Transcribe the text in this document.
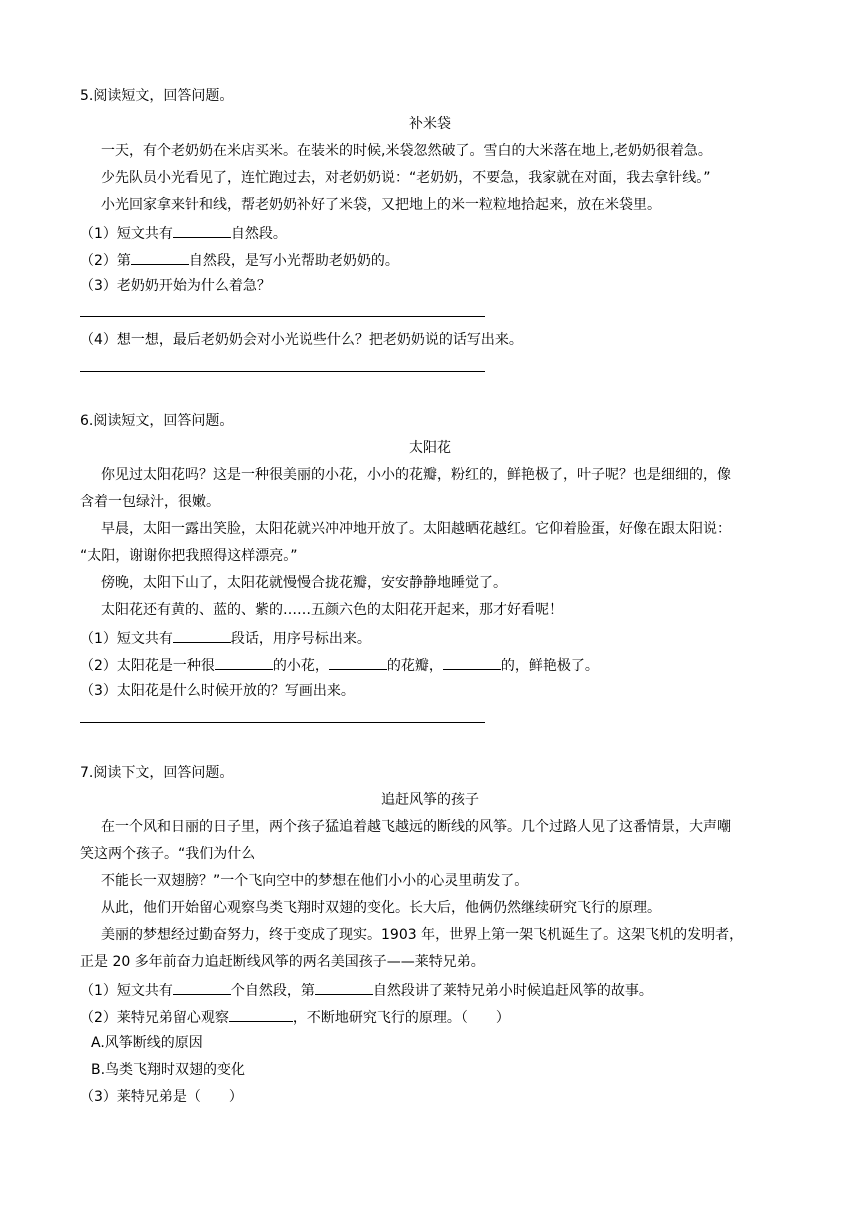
5.阅读短文，回答问题。
补米袋
一天，有个老奶奶在米店买米。在装米的时候,米袋忽然破了。雪白的大米落在地上,老奶奶很着急。
少先队员小光看见了，连忙跑过去，对老奶奶说：“老奶奶，不要急，我家就在对面，我去拿针线。”
小光回家拿来针和线，帮老奶奶补好了米袋，又把地上的米一粒粒地拾起来，放在米袋里。
（1）短文共有	自然段。
（2）第	自然段，是写小光帮助老奶奶的。
（3）老奶奶开始为什么着急？
（4）想一想，最后老奶奶会对小光说些什么？把老奶奶说的话写出来。
6.阅读短文，回答问题。
太阳花
你见过太阳花吗？这是一种很美丽的小花，小小的花瓣，粉红的，鲜艳极了，叶子呢？也是细细的，像
含着一包绿汁，很嫩。
早晨，太阳一露出笑脸，太阳花就兴冲冲地开放了。太阳越晒花越红。它仰着脸蛋，好像在跟太阳说：
“太阳，谢谢你把我照得这样漂亮。”
傍晚，太阳下山了，太阳花就慢慢合拢花瓣，安安静静地睡觉了。
太阳花还有黄的、蓝的、紫的……五颜六色的太阳花开起来，那才好看呢！
（1）短文共有	段话，用序号标出来。
（2）太阳花是一种很	的小花，	的花瓣，	的，鲜艳极了。
（3）太阳花是什么时候开放的？写画出来。
7.阅读下文，回答问题。
追赶风筝的孩子
在一个风和日丽的日子里，两个孩子猛追着越飞越远的断线的风筝。几个过路人见了这番情景，大声嘲
笑这两个孩子。“我们为什么
不能长一双翅膀？”一个飞向空中的梦想在他们小小的心灵里萌发了。
从此，他们开始留心观察鸟类飞翔时双翅的变化。长大后，他俩仍然继续研究飞行的原理。
美丽的梦想经过勤奋努力，终于变成了现实。1903 年，世界上第一架飞机诞生了。这架飞机的发明者，
正是 20 多年前奋力追赶断线风筝的两名美国孩子——莱特兄弟。
（1）短文共有	个自然段，第	自然段讲了莱特兄弟小时候追赶风筝的故事。
（2）莱特兄弟留心观察	，不断地研究飞行的原理。（　　）
A.风筝断线的原因
B.鸟类飞翔时双翅的变化
（3）莱特兄弟是（　　）
